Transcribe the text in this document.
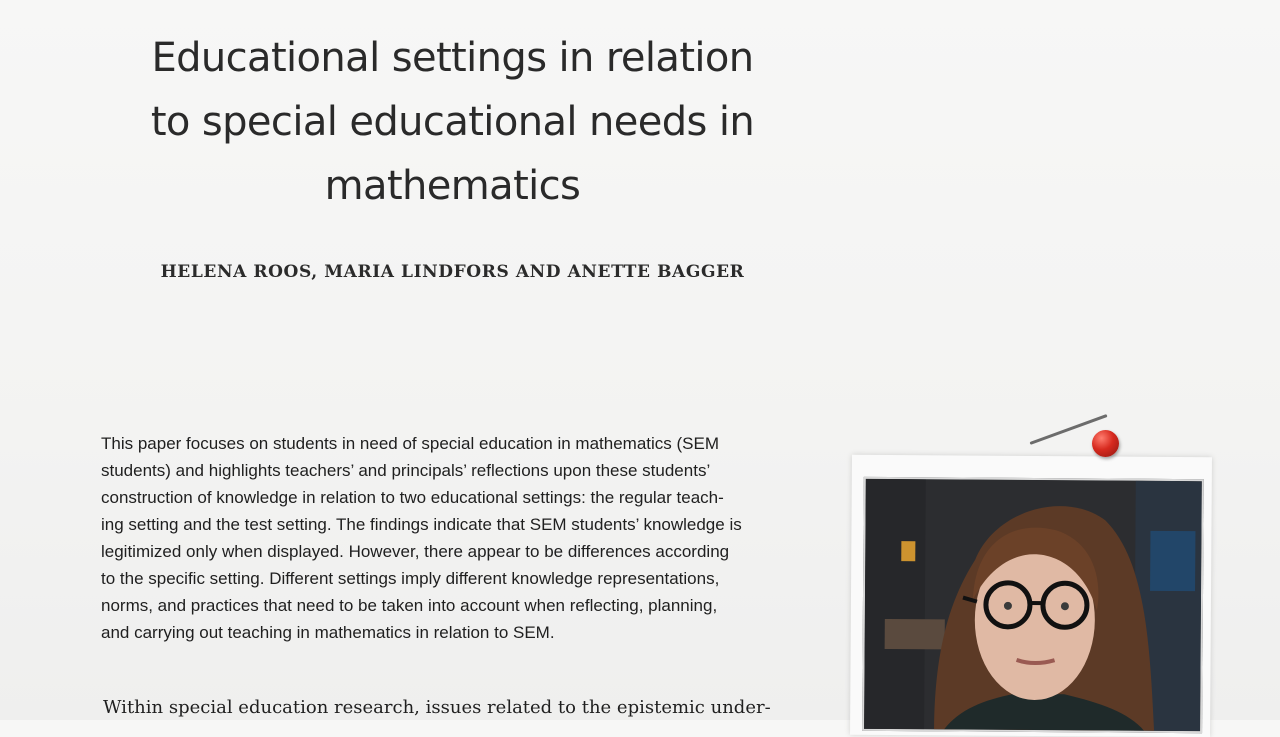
Educational settings in relation
to special educational needs in
mathematics
HELENA ROOS, MARIA LINDFORS AND ANETTE BAGGER
This paper focuses on students in need of special education in mathematics (SEM
students) and highlights teachers’ and principals’ reflections upon these students’
construction of knowledge in relation to two educational settings: the regular teach-
ing setting and the test setting. The findings indicate that SEM students’ knowledge is
legitimized only when displayed. However, there appear to be differences according
to the specific setting. Different settings imply different knowledge representations,
norms, and practices that need to be taken into account when reflecting, planning,
and carrying out teaching in mathematics in relation to SEM.
Within special education research, issues related to the epistemic under-
